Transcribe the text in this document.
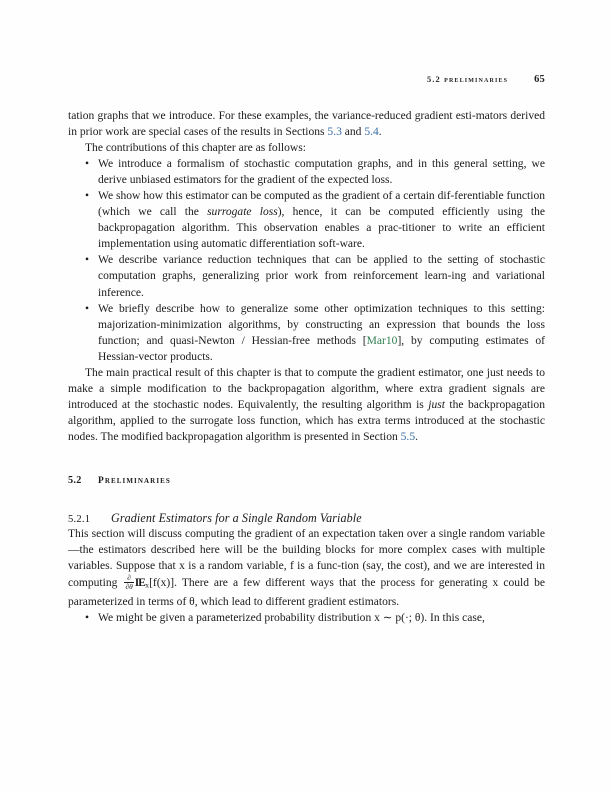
5.2 preliminaries 65

tation graphs that we introduce. For these examples, the variance-reduced gradient esti-mators derived in prior work are special cases of the results in Sections 5.3 and 5.4.

The contributions of this chapter are as follows:

• We introduce a formalism of stochastic computation graphs, and in this general setting, we derive unbiased estimators for the gradient of the expected loss.
• We show how this estimator can be computed as the gradient of a certain dif-ferentiable function (which we call the surrogate loss), hence, it can be computed efficiently using the backpropagation algorithm. This observation enables a prac-titioner to write an efficient implementation using automatic differentiation soft-ware.
• We describe variance reduction techniques that can be applied to the setting of stochastic computation graphs, generalizing prior work from reinforcement learn-ing and variational inference.
• We briefly describe how to generalize some other optimization techniques to this setting: majorization-minimization algorithms, by constructing an expression that bounds the loss function; and quasi-Newton / Hessian-free methods [Mar10], by computing estimates of Hessian-vector products.

The main practical result of this chapter is that to compute the gradient estimator, one just needs to make a simple modification to the backpropagation algorithm, where extra gradient signals are introduced at the stochastic nodes. Equivalently, the resulting algorithm is just the backpropagation algorithm, applied to the surrogate loss function, which has extra terms introduced at the stochastic nodes. The modified backpropagation algorithm is presented in Section 5.5.

5.2	preliminaries
5.2.1	Gradient Estimators for a Single Random Variable

This section will discuss computing the gradient of an expectation taken over a single random variable—the estimators described here will be the building blocks for more complex cases with multiple variables. Suppose that x is a random variable, f is a func-tion (say, the cost), and we are interested in computing $\frac{\partial}{\partial\theta}$ I $E_x[f(x)]$. There are a few different ways that the process for generating x could be parameterized in terms of θ, which lead to different gradient estimators.

• We might be given a parameterized probability distribution x ∼ p(·; θ). In this case,
